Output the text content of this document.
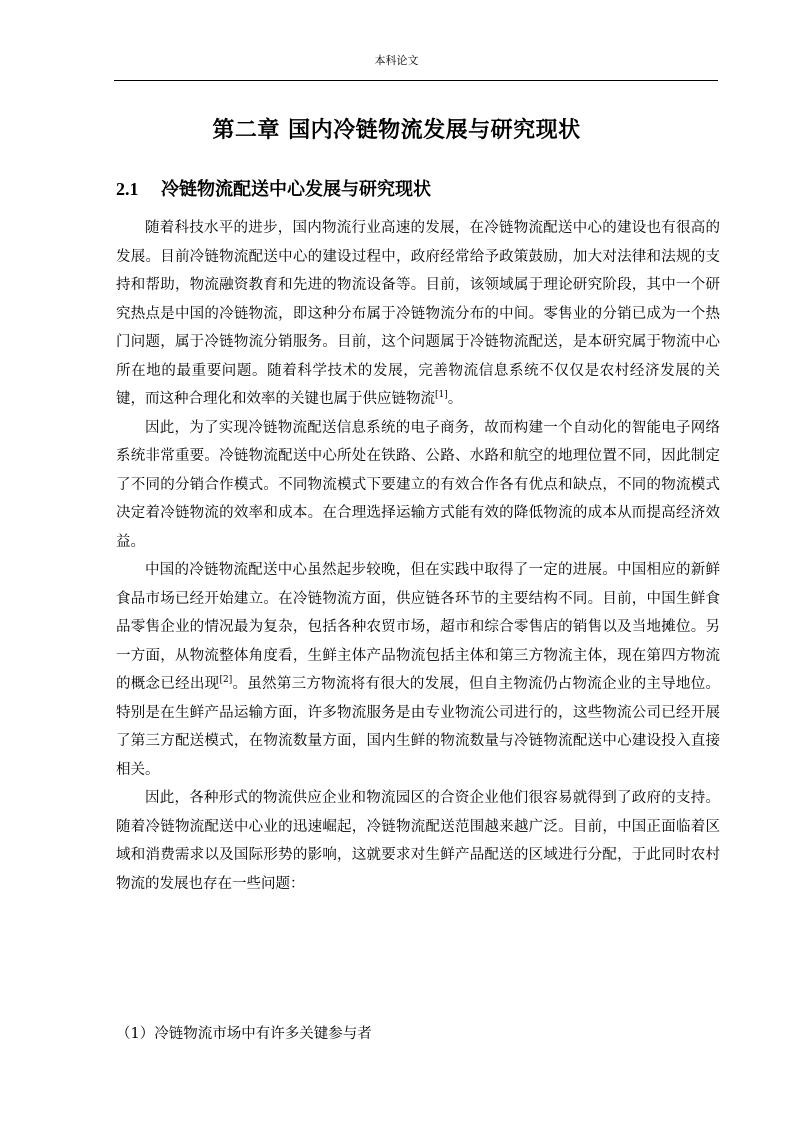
本科论文
第二章 国内冷链物流发展与研究现状
2.1 冷链物流配送中心发展与研究现状

随着科技水平的进步，国内物流行业高速的发展，在冷链物流配送中心的建设也有很高的发展。目前冷链物流配送中心的建设过程中，政府经常给予政策鼓励，加大对法律和法规的支持和帮助，物流融资教育和先进的物流设备等。目前，该领域属于理论研究阶段，其中一个研究热点是中国的冷链物流，即这种分布属于冷链物流分布的中间。零售业的分销已成为一个热门问题，属于冷链物流分销服务。目前，这个问题属于冷链物流配送，是本研究属于物流中心所在地的最重要问题。随着科学技术的发展，完善物流信息系统不仅仅是农村经济发展的关键，而这种合理化和效率的关键也属于供应链物流[1]。

因此，为了实现冷链物流配送信息系统的电子商务，故而构建一个自动化的智能电子网络系统非常重要。冷链物流配送中心所处在铁路、公路、水路和航空的地理位置不同，因此制定了不同的分销合作模式。不同物流模式下要建立的有效合作各有优点和缺点，不同的物流模式决定着冷链物流的效率和成本。在合理选择运输方式能有效的降低物流的成本从而提高经济效益。

中国的冷链物流配送中心虽然起步较晚，但在实践中取得了一定的进展。中国相应的新鲜食品市场已经开始建立。在冷链物流方面，供应链各环节的主要结构不同。目前，中国生鲜食品零售企业的情况最为复杂，包括各种农贸市场，超市和综合零售店的销售以及当地摊位。另一方面，从物流整体角度看，生鲜主体产品物流包括主体和第三方物流主体，现在第四方物流的概念已经出现[2]。虽然第三方物流将有很大的发展，但自主物流仍占物流企业的主导地位。特别是在生鲜产品运输方面，许多物流服务是由专业物流公司进行的，这些物流公司已经开展了第三方配送模式，在物流数量方面，国内生鲜的物流数量与冷链物流配送中心建设投入直接相关。

因此，各种形式的物流供应企业和物流园区的合资企业他们很容易就得到了政府的支持。随着冷链物流配送中心业的迅速崛起，冷链物流配送范围越来越广泛。目前，中国正面临着区域和消费需求以及国际形势的影响，这就要求对生鲜产品配送的区域进行分配，于此同时农村物流的发展也存在一些问题：

（1）冷链物流市场中有许多关键参与者
